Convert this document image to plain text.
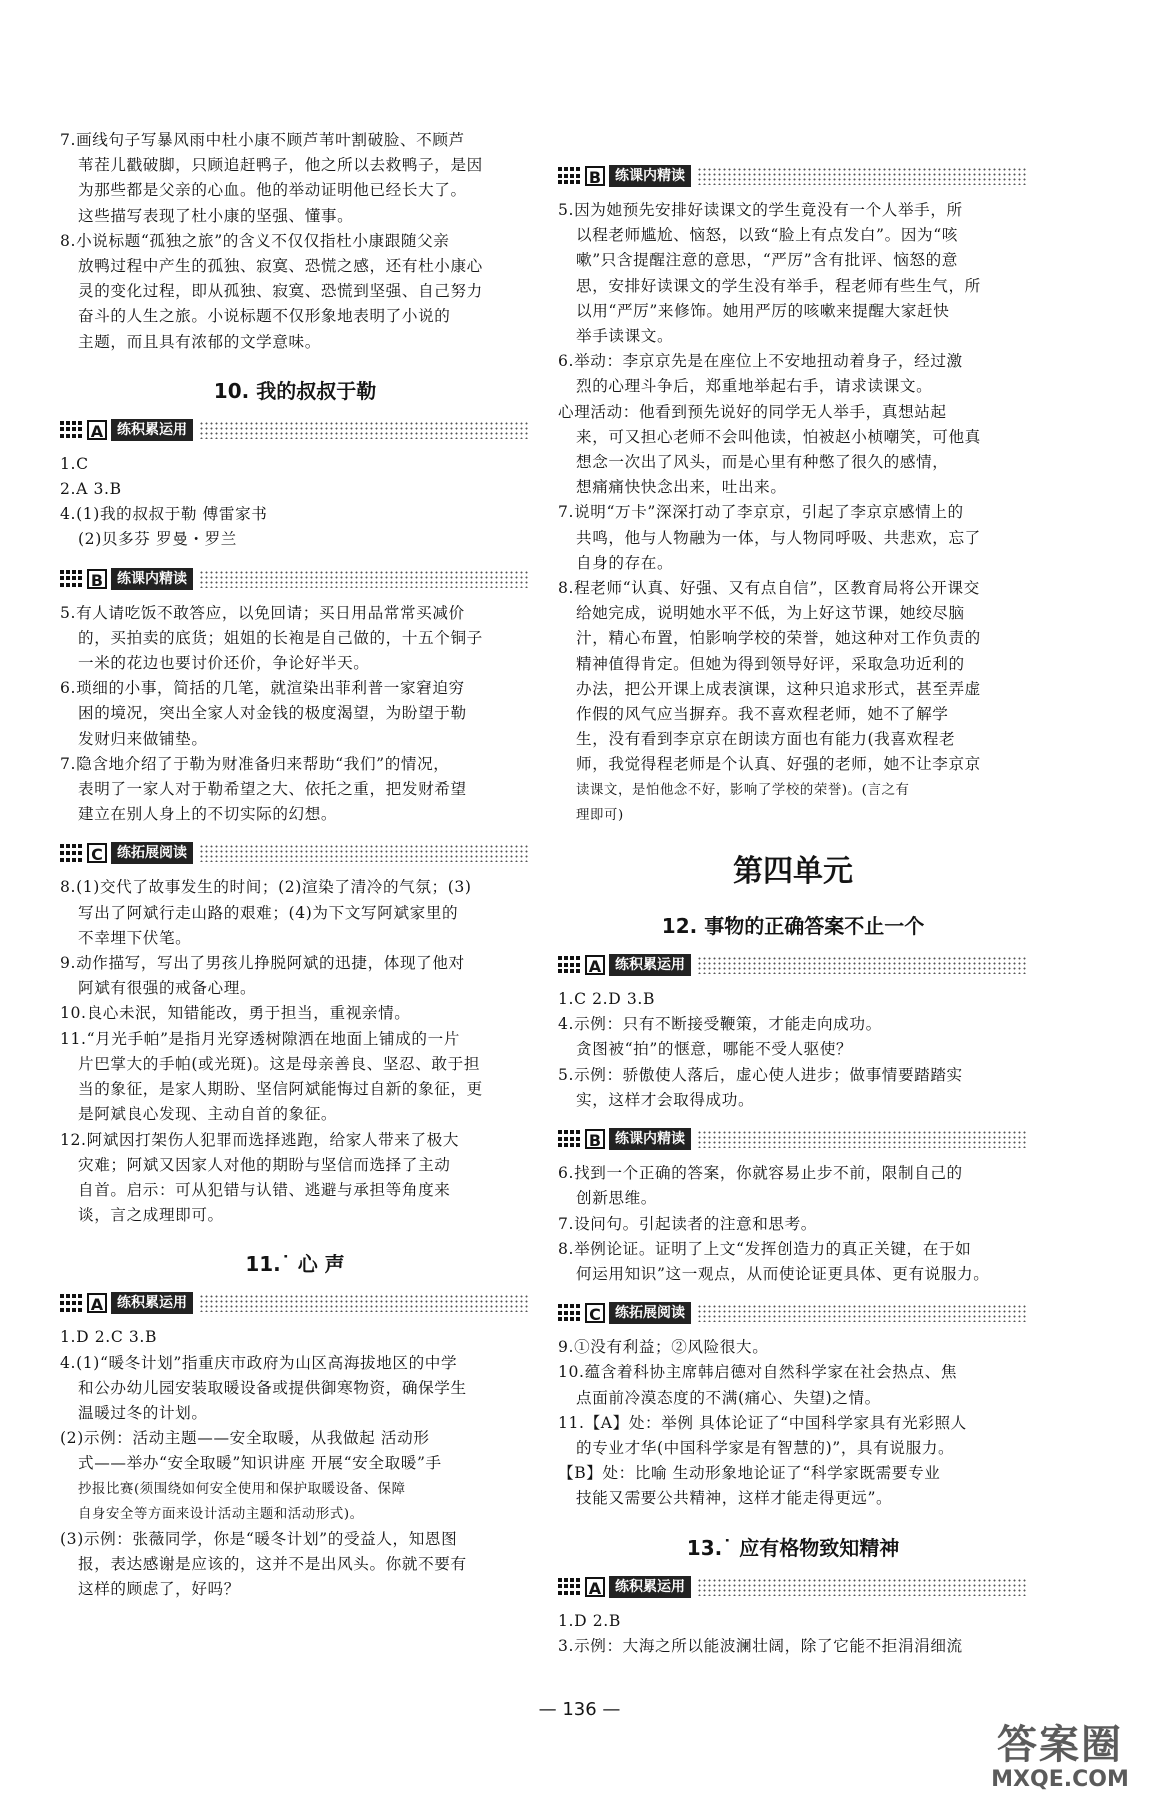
7.画线句子写暴风雨中杜小康不顾芦苇叶割破脸、不顾芦

苇茬儿戳破脚，只顾追赶鸭子，他之所以去救鸭子，是因

为那些都是父亲的心血。他的举动证明他已经长大了。

这些描写表现了杜小康的坚强、懂事。

8.小说标题“孤独之旅”的含义不仅仅指杜小康跟随父亲

放鸭过程中产生的孤独、寂寞、恐慌之感，还有杜小康心

灵的变化过程，即从孤独、寂寞、恐慌到坚强、自己努力

奋斗的人生之旅。小说标题不仅形象地表明了小说的

主题，而且具有浓郁的文学意味。

10. 我的叔叔于勒
A 练积累运用

1.C

2.A 3.B

4.(1)我的叔叔于勒 傅雷家书

(2)贝多芬 罗曼・罗兰

B 练课内精读

5.有人请吃饭不敢答应，以免回请；买日用品常常买减价

的，买拍卖的底货；姐姐的长袍是自己做的，十五个铜子

一米的花边也要讨价还价，争论好半天。

6.琐细的小事，简括的几笔，就渲染出菲利普一家窘迫穷

困的境况，突出全家人对金钱的极度渴望，为盼望于勒

发财归来做铺垫。

7.隐含地介绍了于勒为财准备归来帮助“我们”的情况，

表明了一家人对于勒希望之大、依托之重，把发财希望

建立在别人身上的不切实际的幻想。

C	练拓展阅读

8.(1)交代了故事发生的时间；(2)渲染了清冷的气氛；(3)

写出了阿斌行走山路的艰难；(4)为下文写阿斌家里的

不幸埋下伏笔。

9.动作描写，写出了男孩儿挣脱阿斌的迅捷，体现了他对

阿斌有很强的戒备心理。

10.良心未泯，知错能改，勇于担当，重视亲情。

11.“月光手帕”是指月光穿透树隙洒在地面上铺成的一片

片巴掌大的手帕(或光斑)。这是母亲善良、坚忍、敢于担

当的象征，是家人期盼、坚信阿斌能悔过自新的象征，更

是阿斌良心发现、主动自首的象征。

12.阿斌因打架伤人犯罪而选择逃跑，给家人带来了极大

灾难；阿斌又因家人对他的期盼与坚信而选择了主动

自首。启示：可从犯错与认错、逃避与承担等角度来

谈，言之成理即可。

11.˙ 心 声
A 练积累运用

1.D 2.C 3.B

4.(1)“暖冬计划”指重庆市政府为山区高海拔地区的中学

和公办幼儿园安装取暖设备或提供御寒物资，确保学生

温暖过冬的计划。

(2)示例：活动主题——安全取暖，从我做起 活动形

式——举办“安全取暖”知识讲座 开展“安全取暖”手

抄报比赛(须围绕如何安全使用和保护取暖设备、保障

自身安全等方面来设计活动主题和活动形式)。

(3)示例：张薇同学，你是“暖冬计划”的受益人，知恩图

报，表达感谢是应该的，这并不是出风头。你就不要有

这样的顾虑了，好吗？

B 练课内精读

5.因为她预先安排好读课文的学生竟没有一个人举手，所

以程老师尴尬、恼怒，以致“脸上有点发白”。因为“咳

嗽”只含提醒注意的意思，“严厉”含有批评、恼怒的意

思，安排好读课文的学生没有举手，程老师有些生气，所

以用“严厉”来修饰。她用严厉的咳嗽来提醒大家赶快

举手读课文。

6.举动：李京京先是在座位上不安地扭动着身子，经过激

烈的心理斗争后，郑重地举起右手，请求读课文。

心理活动：他看到预先说好的同学无人举手，真想站起

来，可又担心老师不会叫他读，怕被赵小桢嘲笑，可他真

想念一次出了风头，而是心里有种憋了很久的感情，

想痛痛快快念出来，吐出来。

7.说明“万卡”深深打动了李京京，引起了李京京感情上的

共鸣，他与人物融为一体，与人物同呼吸、共悲欢，忘了

自身的存在。

8.程老师“认真、好强、又有点自信”，区教育局将公开课交

给她完成，说明她水平不低，为上好这节课，她绞尽脑

汁，精心布置，怕影响学校的荣誉，她这种对工作负责的

精神值得肯定。但她为得到领导好评，采取急功近利的

办法，把公开课上成表演课，这种只追求形式，甚至弄虚

作假的风气应当摒弃。我不喜欢程老师，她不了解学

生，没有看到李京京在朗读方面也有能力(我喜欢程老

师，我觉得程老师是个认真、好强的老师，她不让李京京

读课文，是怕他念不好，影响了学校的荣誉)。(言之有

理即可)

第四单元
12. 事物的正确答案不止一个
A 练积累运用

1.C 2.D 3.B

4.示例：只有不断接受鞭策，才能走向成功。

贪图被“拍”的惬意，哪能不受人驱使？

5.示例：骄傲使人落后，虚心使人进步；做事情要踏踏实

实，这样才会取得成功。

B 练课内精读

6.找到一个正确的答案，你就容易止步不前，限制自己的

创新思维。

7.设问句。引起读者的注意和思考。

8.举例论证。证明了上文“发挥创造力的真正关键，在于如

何运用知识”这一观点，从而使论证更具体、更有说服力。

C	练拓展阅读

9.①没有利益；②风险很大。

10.蕴含着科协主席韩启德对自然科学家在社会热点、焦

点面前冷漠态度的不满(痛心、失望)之情。

11.【A】处：举例 具体论证了“中国科学家具有光彩照人

的专业才华(中国科学家是有智慧的)”，具有说服力。

【B】处：比喻 生动形象地论证了“科学家既需要专业

技能又需要公共精神，这样才能走得更远”。

13.˙ 应有格物致知精神
A 练积累运用

1.D 2.B

3.示例：大海之所以能波澜壮阔，除了它能不拒涓涓细流

— 136 —
答案圈
MXQE.COM
